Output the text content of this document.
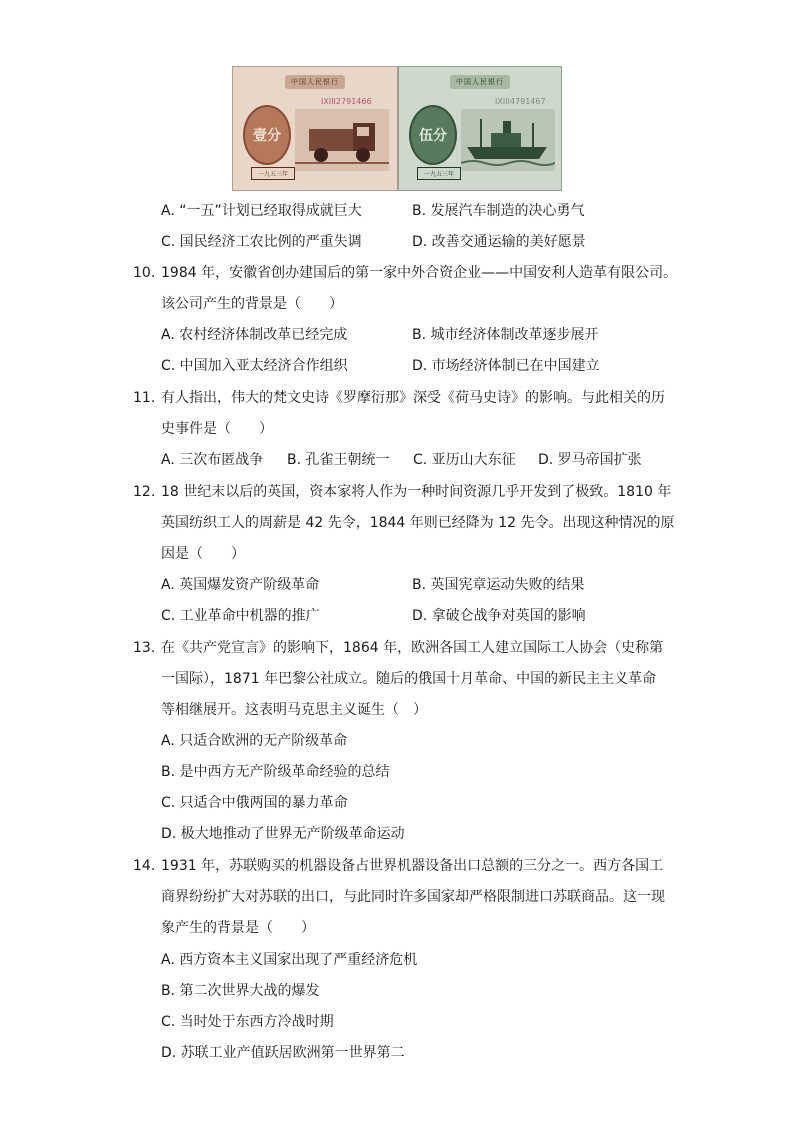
中国人民银行
IXIII2791466
壹分
一九五三年
中国人民银行
IXIII4791467
伍分
一九五三年
A. “一五”计划已经取得成就巨大	B. 发展汽车制造的决心勇气
C. 国民经济工农比例的严重失调	D. 改善交通运输的美好愿景
10. 1984 年，安徽省创办建国后的第一家中外合资企业——中国安利人造革有限公司。
该公司产生的背景是（　　）
A. 农村经济体制改革已经完成	B. 城市经济体制改革逐步展开
C. 中国加入亚太经济合作组织	D. 市场经济体制已在中国建立
11. 有人指出，伟大的梵文史诗《罗摩衍那》深受《荷马史诗》的影响。与此相关的历
史事件是（　　）
A. 三次布匿战争 B. 孔雀王朝统一 C. 亚历山大东征 D. 罗马帝国扩张
12. 18 世纪末以后的英国，资本家将人作为一种时间资源几乎开发到了极致。1810 年
英国纺织工人的周薪是 42 先令，1844 年则已经降为 12 先令。出现这种情况的原
因是（　　）
A. 英国爆发资产阶级革命	B. 英国宪章运动失败的结果
C. 工业革命中机器的推广	D. 拿破仑战争对英国的影响
13. 在《共产党宣言》的影响下，1864 年，欧洲各国工人建立国际工人协会（史称第
一国际），1871 年巴黎公社成立。随后的俄国十月革命、中国的新民主主义革命
等相继展开。这表明马克思主义诞生（　）
A. 只适合欧洲的无产阶级革命
B. 是中西方无产阶级革命经验的总结
C. 只适合中俄两国的暴力革命
D. 极大地推动了世界无产阶级革命运动
14. 1931 年，苏联购买的机器设备占世界机器设备出口总额的三分之一。西方各国工
商界纷纷扩大对苏联的出口，与此同时许多国家却严格限制进口苏联商品。这一现
象产生的背景是（　　）
A. 西方资本主义国家出现了严重经济危机
B. 第二次世界大战的爆发
C. 当时处于东西方冷战时期
D. 苏联工业产值跃居欧洲第一世界第二
